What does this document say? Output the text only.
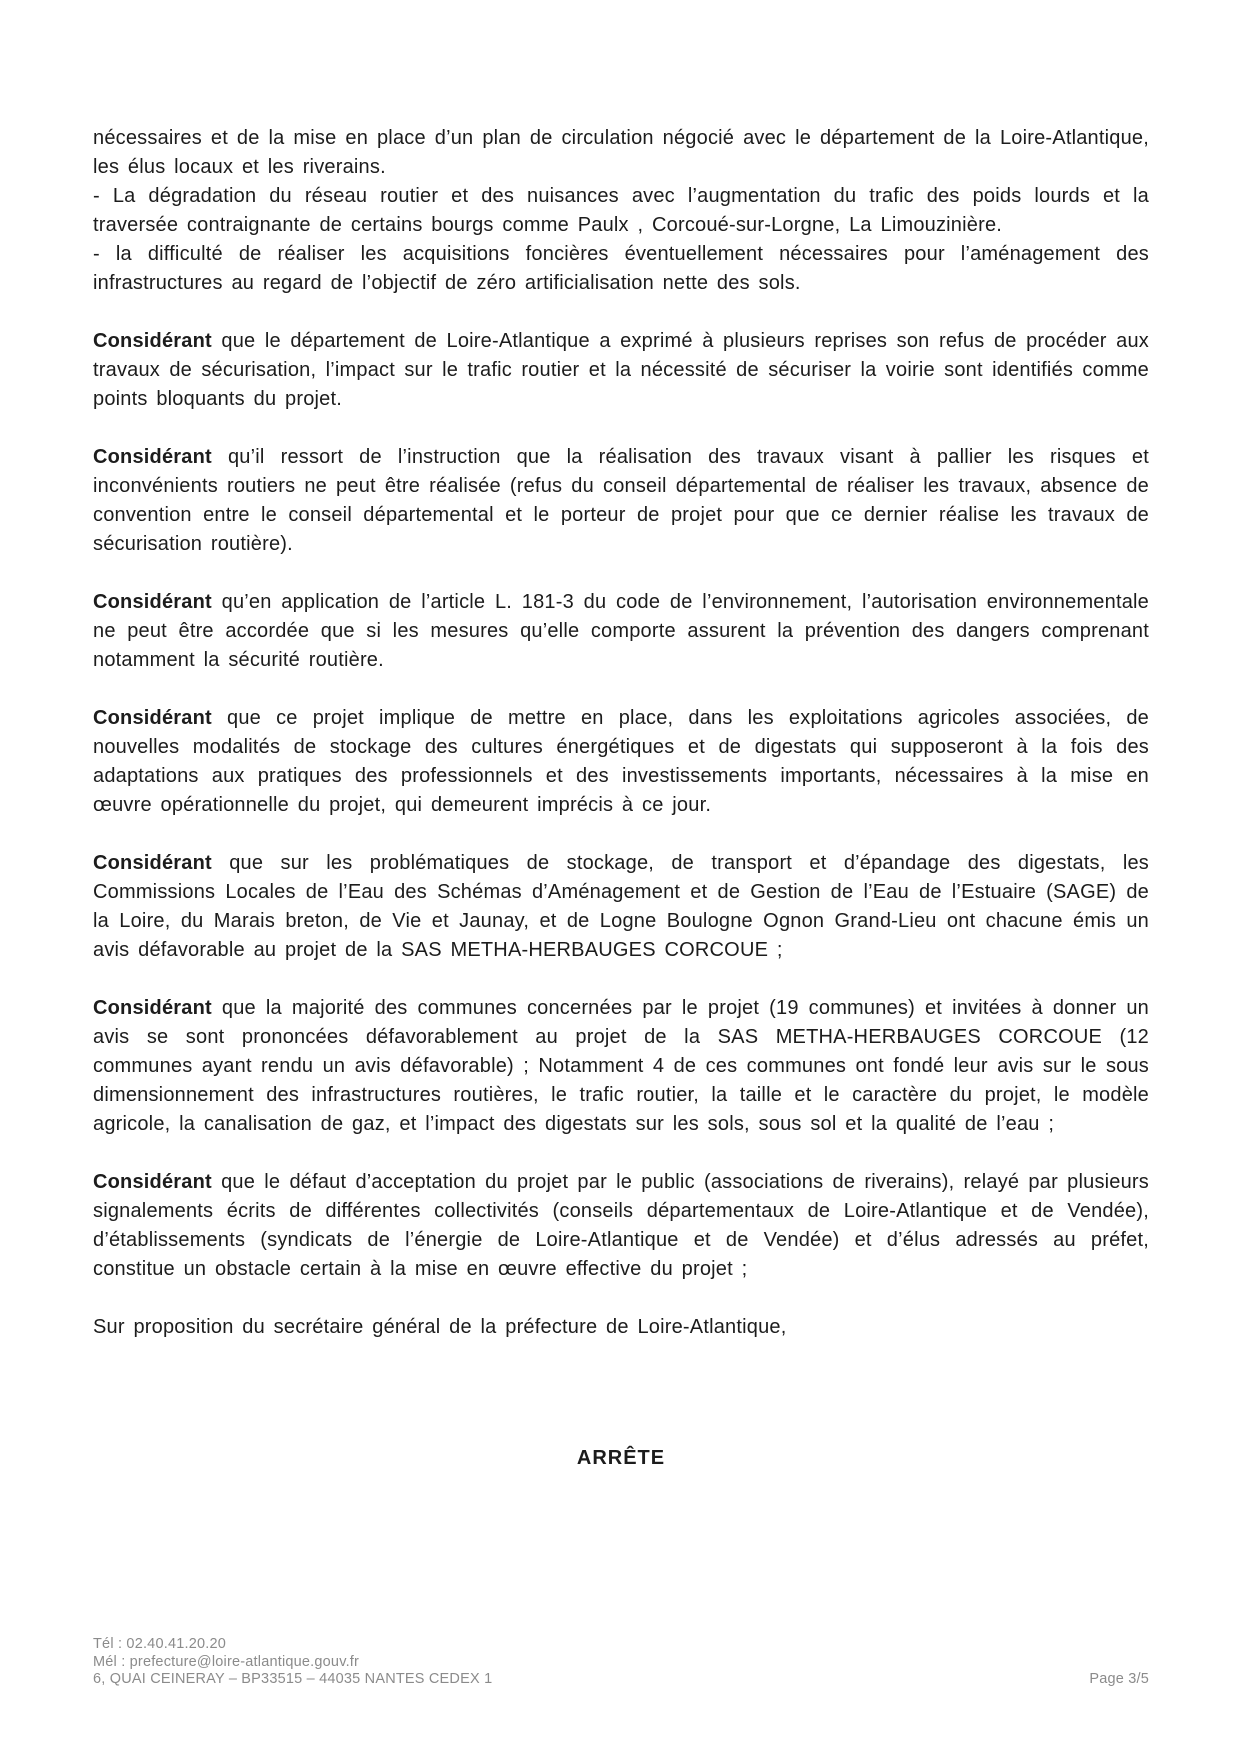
nécessaires et de la mise en place d’un plan de circulation négocié avec le département de la Loire-Atlantique, les élus locaux et les riverains.

- La dégradation du réseau routier et des nuisances avec l’augmentation du trafic des poids lourds et la traversée contraignante de certains bourgs comme Paulx , Corcoué-sur-Lorgne, La Limouzinière.

- la difficulté de réaliser les acquisitions foncières éventuellement nécessaires pour l’aménagement des infrastructures au regard de l’objectif de zéro artificialisation nette des sols.

Considérant que le département de Loire-Atlantique a exprimé à plusieurs reprises son refus de procéder aux travaux de sécurisation, l’impact sur le trafic routier et la nécessité de sécuriser la voirie sont identifiés comme points bloquants du projet.

Considérant qu’il ressort de l’instruction que la réalisation des travaux visant à pallier les risques et inconvénients routiers ne peut être réalisée (refus du conseil départemental de réaliser les travaux, absence de convention entre le conseil départemental et le porteur de projet pour que ce dernier réalise les travaux de sécurisation routière).

Considérant qu’en application de l’article L. 181-3 du code de l’environnement, l’autorisation environnementale ne peut être accordée que si les mesures qu’elle comporte assurent la prévention des dangers comprenant notamment la sécurité routière.

Considérant que ce projet implique de mettre en place, dans les exploitations agricoles associées, de nouvelles modalités de stockage des cultures énergétiques et de digestats qui supposeront à la fois des adaptations aux pratiques des professionnels et des investissements importants, nécessaires à la mise en œuvre opérationnelle du projet, qui demeurent imprécis à ce jour.

Considérant que sur les problématiques de stockage, de transport et d’épandage des digestats, les Commissions Locales de l’Eau des Schémas d’Aménagement et de Gestion de l’Eau de l’Estuaire (SAGE) de la Loire, du Marais breton, de Vie et Jaunay, et de Logne Boulogne Ognon Grand-Lieu ont chacune émis un avis défavorable au projet de la SAS METHA-HERBAUGES CORCOUE ;

Considérant que la majorité des communes concernées par le projet (19 communes) et invitées à donner un avis se sont prononcées défavorablement au projet de la SAS METHA-HERBAUGES CORCOUE (12 communes ayant rendu un avis défavorable) ; Notamment 4 de ces communes ont fondé leur avis sur le sous dimensionnement des infrastructures routières, le trafic routier, la taille et le caractère du projet, le modèle agricole, la canalisation de gaz, et l’impact des digestats sur les sols, sous sol et la qualité de l’eau ;

Considérant que le défaut d’acceptation du projet par le public (associations de riverains), relayé par plusieurs signalements écrits de différentes collectivités (conseils départementaux de Loire-Atlantique et de Vendée), d’établissements (syndicats de l’énergie de Loire-Atlantique et de Vendée) et d’élus adressés au préfet, constitue un obstacle certain à la mise en œuvre effective du projet ;

Sur proposition du secrétaire général de la préfecture de Loire-Atlantique,

ARRÊTE
Tél : 02.40.41.20.20
Mél : prefecture@loire-atlantique.gouv.fr
6, QUAI CEINERAY – BP33515 – 44035 NANTES CEDEX 1	Page 3/5
